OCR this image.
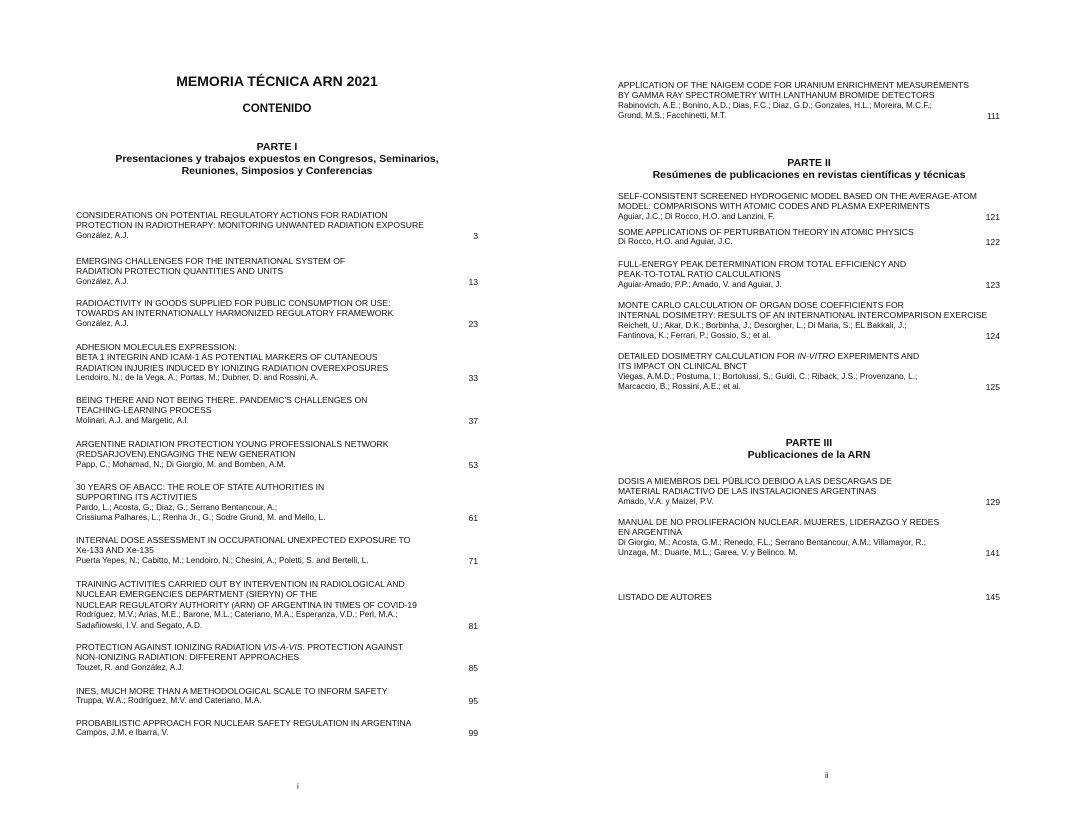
MEMORIA TÉCNICA ARN 2021
CONTENIDO
PARTE I
Presentaciones y trabajos expuestos en Congresos, Seminarios,
Reuniones, Simposios y Conferencias
CONSIDERATIONS ON POTENTIAL REGULATORY ACTIONS FOR RADIATION
PROTECTION IN RADIOTHERAPY: MONITORING UNWANTED RADIATION EXPOSURE
González, A.J.	3
EMERGING CHALLENGES FOR THE INTERNATIONAL SYSTEM OF
RADIATION PROTECTION QUANTITIES AND UNITS
González, A.J.	13
RADIOACTIVITY IN GOODS SUPPLIED FOR PUBLIC CONSUMPTION OR USE:
TOWARDS AN INTERNATIONALLY HARMONIZED REGULATORY FRAMEWORK
González, A.J.	23
ADHESION MOLECULES EXPRESSION:
BETA 1 INTEGRIN AND ICAM-1 AS POTENTIAL MARKERS OF CUTANEOUS
RADIATION INJURIES INDUCED BY IONIZING RADIATION OVEREXPOSURES
Lendoiro, N.; de la Vega, A.; Portas, M.; Dubner, D. and Rossini, A.	33
BEING THERE AND NOT BEING THERE. PANDEMIC'S CHALLENGES ON
TEACHING-LEARNING PROCESS
Molinari, A.J. and Margetic, A.I.	37
ARGENTINE RADIATION PROTECTION YOUNG PROFESSIONALS NETWORK
(REDSARJOVEN).ENGAGING THE NEW GENERATION
Papp, C.; Mohamad, N.; Di Giorgio, M. and Bomben, A.M.	53
30 YEARS OF ABACC: THE ROLE OF STATE AUTHORITIES IN
SUPPORTING ITS ACTIVITIES
Pardo, L.; Acosta, G.; Diaz, G.; Serrano Bentancour, A.;
Crissiuma Palhares, L.; Renha Jr., G.; Sodre Grund, M. and Mello, L.	61
INTERNAL DOSE ASSESSMENT IN OCCUPATIONAL UNEXPECTED EXPOSURE TO
Xe-133 AND Xe-135
Puerta Yepes, N.; Cabitto, M.; Lendoiro, N.; Chesini, A.; Poletti, S. and Bertelli, L.	71
TRAINING ACTIVITIES CARRIED OUT BY INTERVENTION IN RADIOLOGICAL AND
NUCLEAR EMERGENCIES DEPARTMENT (SIERYN) OF THE
NUCLEAR REGULATORY AUTHORITY (ARN) OF ARGENTINA IN TIMES OF COVID-19
Rodríguez, M.V.; Arias, M.E.; Barone, M.L.; Cateriano, M.A.; Esperanza, V.D.; Perl, M.A.;
Sadañiowski, I.V. and Segato, A.D.	81
PROTECTION AGAINST IONIZING RADIATION VIS-À-VIS. PROTECTION AGAINST
NON-IONIZING RADIATION: DIFFERENT APPROACHES
Touzet, R. and González, A.J.	85
INES, MUCH MORE THAN A METHODOLOGICAL SCALE TO INFORM SAFETY
Truppa, W.A.; Rodríguez, M.V. and Cateriano, M.A.	95
PROBABILISTIC APPROACH FOR NUCLEAR SAFETY REGULATION IN ARGENTINA
Campos, J.M. e Ibarra, V.	99
i
APPLICATION OF THE NAIGEM CODE FOR URANIUM ENRICHMENT MEASUREMENTS
BY GAMMA RAY SPECTROMETRY WITH LANTHANUM BROMIDE DETECTORS
Rabinovich, A.E.; Bonino, A.D.; Dias, F.C.; Diaz, G.D.; Gonzales, H.L.; Moreira, M.C.F.;
Grund, M.S.; Facchinetti, M.T.	111
PARTE II
Resúmenes de publicaciones en revistas científicas y técnicas
SELF-CONSISTENT SCREENED HYDROGENIC MODEL BASED ON THE AVERAGE-ATOM
MODEL: COMPARISONS WITH ATOMIC CODES AND PLASMA EXPERIMENTS
Aguiar, J.C.; Di Rocco, H.O. and Lanzini, F.	121
SOME APPLICATIONS OF PERTURBATION THEORY IN ATOMIC PHYSICS
Di Rocco, H.O. and Aguiar, J.C.	122
FULL-ENERGY PEAK DETERMINATION FROM TOTAL EFFICIENCY AND
PEAK-TO-TOTAL RATIO CALCULATIONS
Aguiar-Amado, P.P.; Amado, V. and Aguiar, J.	123
MONTE CARLO CALCULATION OF ORGAN DOSE COEFFICIENTS FOR
INTERNAL DOSIMETRY: RESULTS OF AN INTERNATIONAL INTERCOMPARISON EXERCISE
Reichelt, U.; Akar, D.K.; Borbinha, J.; Desorgher, L.; Di Maria, S.; EL Bakkali, J.;
Fantinova, K.; Ferrari, P.; Gossio, S.; et al.	124
DETAILED DOSIMETRY CALCULATION FOR IN-VITRO EXPERIMENTS AND
ITS IMPACT ON CLINICAL BNCT
Viegas, A.M.D.; Postuma, I.; Bortolussi, S.; Guidi, C.; Riback, J.S.; Provenzano, L.;
Marcaccio, B.; Rossini, A.E.; et al.	125
PARTE III
Publicaciones de la ARN
DOSIS A MIEMBROS DEL PÚBLICO DEBIDO A LAS DESCARGAS DE
MATERIAL RADIACTIVO DE LAS INSTALACIONES ARGENTINAS
Amado, V.A. y Maizel, P.V.	129
MANUAL DE NO PROLIFERACIÓN NUCLEAR. MUJERES, LIDERAZGO Y REDES
EN ARGENTINA
Di Giorgio, M.; Acosta, G.M.; Renedo, F.L.; Serrano Bentancour, A.M.; Villamayor, R.;
Unzaga, M.; Duarte, M.L.; Garea, V. y Belinco. M.	141
LISTADO DE AUTORES	145
ii
